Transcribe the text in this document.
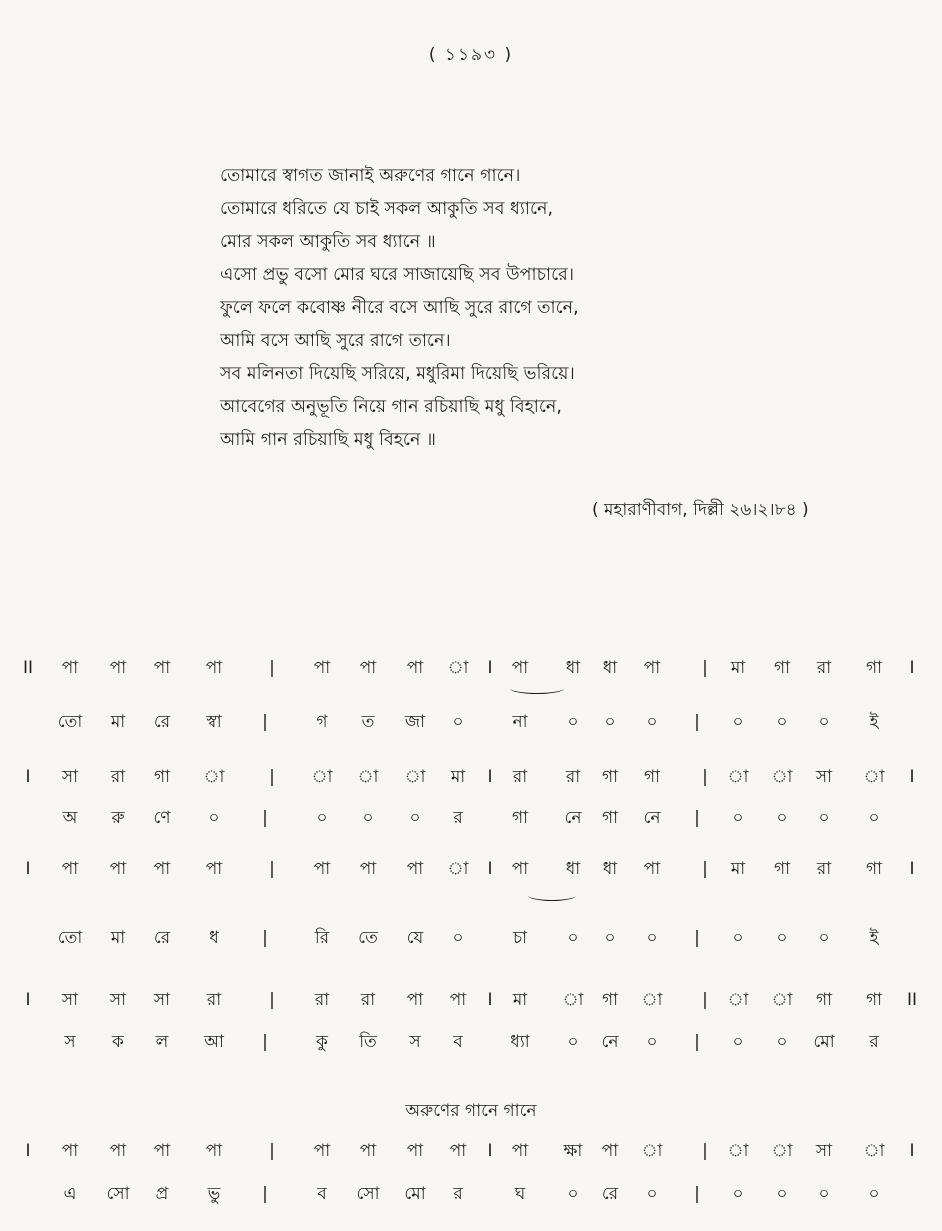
( ১১৯৩ )
তোমারে স্বাগত জানাই অরুণের গানে গানে।
তোমারে ধরিতে যে চাই সকল আকুতি সব ধ্যানে,
মোর সকল আকুতি সব ধ্যানে ॥
এসো প্রভু বসো মোর ঘরে সাজায়েছি সব উপাচারে।
ফুলে ফলে কবোষ্ণ নীরে বসে আছি সুরে রাগে তানে,
আমি বসে আছি সুরে রাগে তানে।
সব মলিনতা দিয়েছি সরিয়ে, মধুরিমা দিয়েছি ভরিয়ে।
আবেগের অনুভূতি নিয়ে গান রচিয়াছি মধু বিহানে,
আমি গান রচিয়াছি মধু বিহনে ॥
( মহারাণীবাগ, দিল্লী ২৬।২।৮৪ )
II পা পা পা পা	| পা পা পা া I পা ধা ধা পা | মা গা রা গা I
তো মা রে স্বা |	গ ত জা ০	না ০ ০ ০ | ০ ০ ০ ই
I সা রা গা া	| া া া মা I রা রা গা গা | া া সা া I
অ রু ণে ০	|	০ ০ ০ র	গা নে গা নে | ০ ০ ০ ০
I পা পা পা পা	| পা পা পা া I পা ধা ধা পা | মা গা রা গা I
তো মা রে ধ	|	রি তে যে ০	চা ০ ০ ০ | ০ ০ ০ ই
I সা সা সা রা	| রা রা পা পা I মা া গা া | া া গা গা II
স ক ল আ |	কু তি স ব	ধ্যা ০ নে ০ | ০ ০ মো র
I পা পা পা পা	| পা পা পা পা I পা ক্ষা পা া | া া সা া I
এ সো প্র ভু |	ব সো মো র	ঘ ০ রে ০ | ০ ০ ০ ০
অরুণের গানে গানে
